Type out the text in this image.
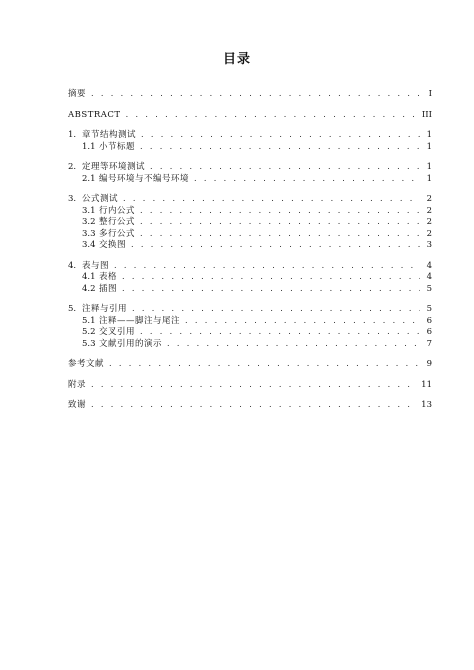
目录
摘要 . . .	I
ABSTRACT . . .	III
1. 章节结构测试 . . .	1
1.1 小节标题 . . .	1
2. 定理等环境测试 . . .	1
2.1 编号环境与不编号环境 . . .	1
3. 公式测试 . . .	2
3.1 行内公式 . . .	2
3.2 整行公式 . . .	2
3.3 多行公式 . . .	2
3.4 交换图 . . .	3
4. 表与图 . . .	4
4.1 表格 . . .	4
4.2 插图 . . .	5
5. 注释与引用 . . .	5
5.1 注释——脚注与尾注 . . .	6
5.2 交叉引用 . . .	6
5.3 文献引用的演示 . . .	7
参考文献 . . .	9
附录 . . .	11
致谢 . . .	13
